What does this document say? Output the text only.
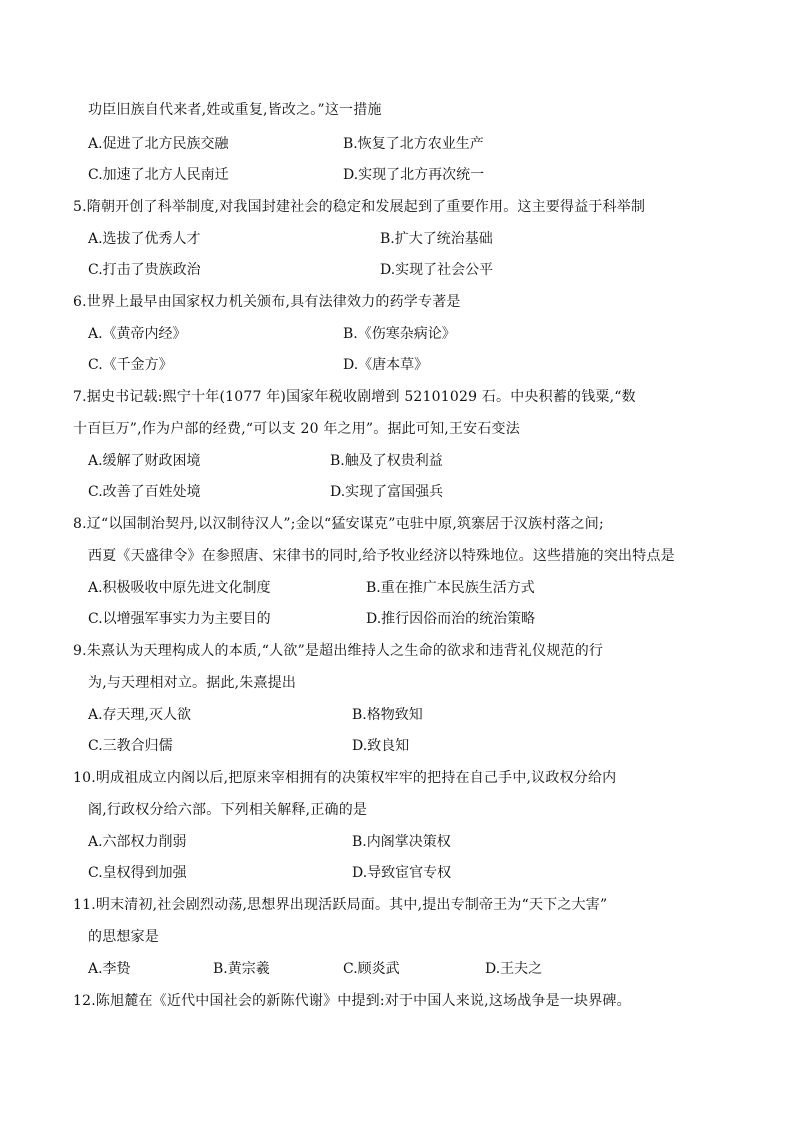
功臣旧族自代来者,姓或重复,皆改之。”这一措施
A.促进了北方民族交融	B.恢复了北方农业生产
C.加速了北方人民南迁	D.实现了北方再次统一
5.隋朝开创了科举制度,对我国封建社会的稳定和发展起到了重要作用。这主要得益于科举制
A.选拔了优秀人才	B.扩大了统治基础
C.打击了贵族政治	D.实现了社会公平
6.世界上最早由国家权力机关颁布,具有法律效力的药学专著是
A.《黄帝内经》	B.《伤寒杂病论》
C.《千金方》	D.《唐本草》
7.据史书记载:熙宁十年(1077 年)国家年税收剧增到 52101029 石。中央积蓄的钱粟,“数
十百巨万”,作为户部的经费,“可以支 20 年之用”。据此可知,王安石变法
A.缓解了财政困境	B.触及了权贵利益
C.改善了百姓处境	D.实现了富国强兵
8.辽“以国制治契丹,以汉制待汉人”;金以“猛安谋克”屯驻中原,筑寨居于汉族村落之间;
西夏《天盛律令》在参照唐、宋律书的同时,给予牧业经济以特殊地位。这些措施的突出特点是
A.积极吸收中原先进文化制度	B.重在推广本民族生活方式
C.以增强军事实力为主要目的	D.推行因俗而治的统治策略
9.朱熹认为天理构成人的本质,“人欲”是超出维持人之生命的欲求和违背礼仪规范的行
为,与天理相对立。据此,朱熹提出
A.存天理,灭人欲	B.格物致知
C.三教合归儒	D.致良知
10.明成祖成立内阁以后,把原来宰相拥有的决策权牢牢的把持在自己手中,议政权分给内
阁,行政权分给六部。下列相关解释,正确的是
A.六部权力削弱	B.内阁掌决策权
C.皇权得到加强	D.导致宦官专权
11.明末清初,社会剧烈动荡,思想界出现活跃局面。其中,提出专制帝王为“天下之大害”
的思想家是
A.李贽	B.黄宗羲	C.顾炎武	D.王夫之
12.陈旭麓在《近代中国社会的新陈代谢》中提到:对于中国人来说,这场战争是一块界碑。
